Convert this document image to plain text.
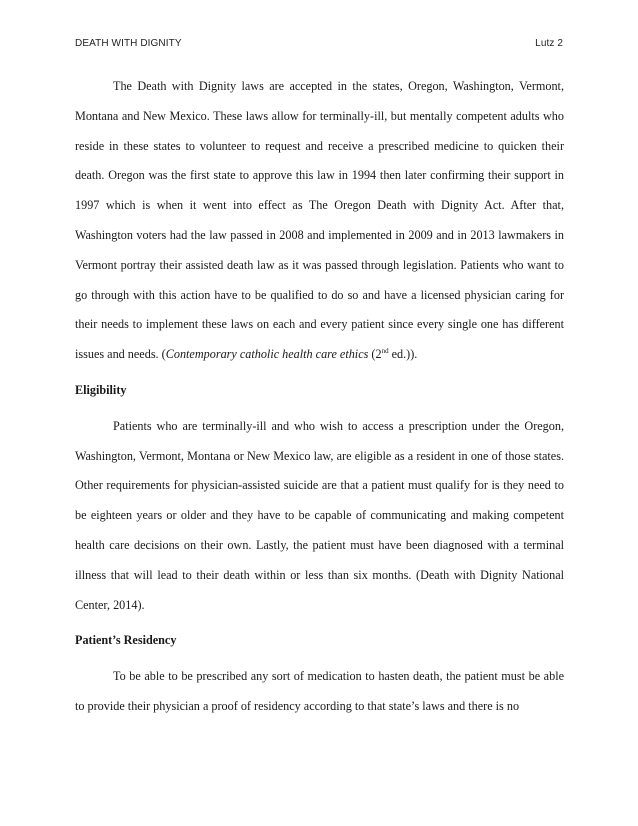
DEATH WITH DIGNITY	Lutz 2

The Death with Dignity laws are accepted in the states, Oregon, Washington, Vermont, Montana and New Mexico. These laws allow for terminally-ill, but mentally competent adults who reside in these states to volunteer to request and receive a prescribed medicine to quicken their death. Oregon was the first state to approve this law in 1994 then later confirming their support in 1997 which is when it went into effect as The Oregon Death with Dignity Act. After that, Washington voters had the law passed in 2008 and implemented in 2009 and in 2013 lawmakers in Vermont portray their assisted death law as it was passed through legislation. Patients who want to go through with this action have to be qualified to do so and have a licensed physician caring for their needs to implement these laws on each and every patient since every single one has different issues and needs. (Contemporary catholic health care ethics (2nd ed.)).

Eligibility

Patients who are terminally-ill and who wish to access a prescription under the Oregon, Washington, Vermont, Montana or New Mexico law, are eligible as a resident in one of those states. Other requirements for physician-assisted suicide are that a patient must qualify for is they need to be eighteen years or older and they have to be capable of communicating and making competent health care decisions on their own. Lastly, the patient must have been diagnosed with a terminal illness that will lead to their death within or less than six months. (Death with Dignity National Center, 2014).

Patient’s Residency

To be able to be prescribed any sort of medication to hasten death, the patient must be able to provide their physician a proof of residency according to that state’s laws and there is no
